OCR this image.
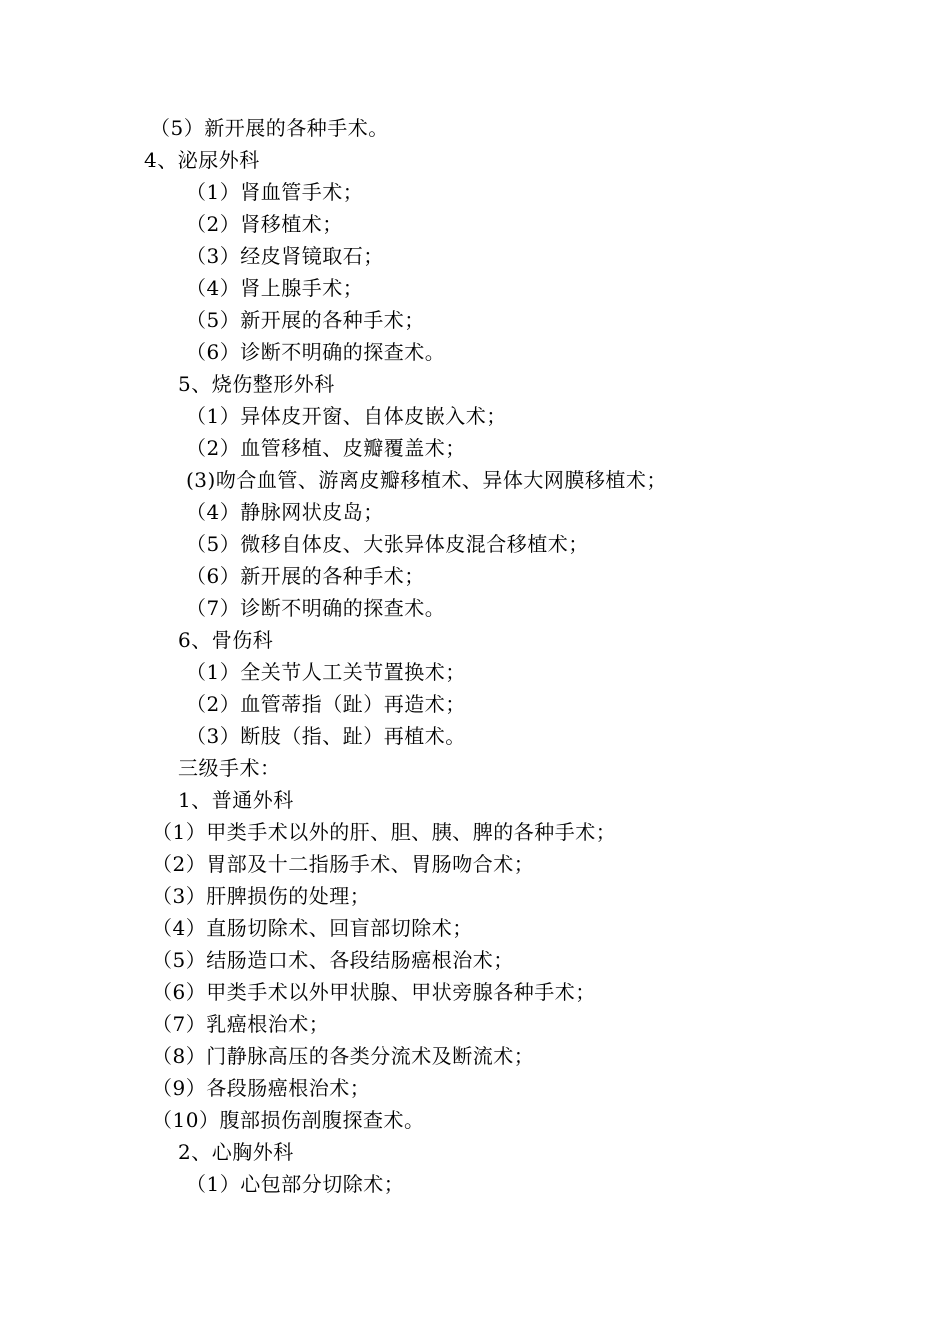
（5）新开展的各种手术。
4、泌尿外科
（1）肾血管手术；
（2）肾移植术；
（3）经皮肾镜取石；
（4）肾上腺手术；
（5）新开展的各种手术；
（6）诊断不明确的探查术。
5、烧伤整形外科
（1）异体皮开窗、自体皮嵌入术；
（2）血管移植、皮瓣覆盖术；
(3)吻合血管、游离皮瓣移植术、异体大网膜移植术；
（4）静脉网状皮岛；
（5）微移自体皮、大张异体皮混合移植术；
（6）新开展的各种手术；
（7）诊断不明确的探查术。
6、骨伤科
（1）全关节人工关节置换术；
（2）血管蒂指（趾）再造术；
（3）断肢（指、趾）再植术。
三级手术：
1、普通外科
（1）甲类手术以外的肝、胆、胰、脾的各种手术；
（2）胃部及十二指肠手术、胃肠吻合术；
（3）肝脾损伤的处理；
（4）直肠切除术、回盲部切除术；
（5）结肠造口术、各段结肠癌根治术；
（6）甲类手术以外甲状腺、甲状旁腺各种手术；
（7）乳癌根治术；
（8）门静脉高压的各类分流术及断流术；
（9）各段肠癌根治术；
（10）腹部损伤剖腹探查术。
2、心胸外科
（1）心包部分切除术；
